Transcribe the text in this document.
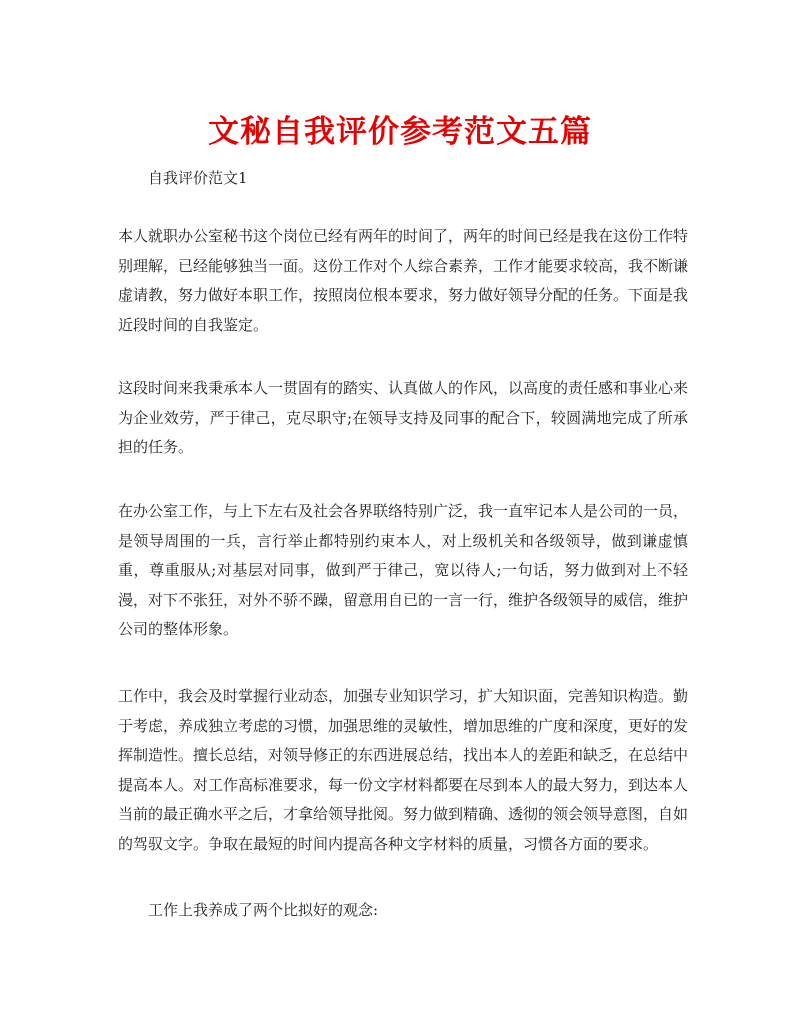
文秘自我评价参考范文五篇

自我评价范文1

本人就职办公室秘书这个岗位已经有两年的时间了，两年的时间已经是我在这份工作特别理解，已经能够独当一面。这份工作对个人综合素养，工作才能要求较高，我不断谦虚请教，努力做好本职工作，按照岗位根本要求，努力做好领导分配的任务。下面是我近段时间的自我鉴定。

这段时间来我秉承本人一贯固有的踏实、认真做人的作风，以高度的责任感和事业心来为企业效劳，严于律己，克尽职守;在领导支持及同事的配合下，较圆满地完成了所承担的任务。

在办公室工作，与上下左右及社会各界联络特别广泛，我一直牢记本人是公司的一员，是领导周围的一兵，言行举止都特别约束本人，对上级机关和各级领导，做到谦虚慎重，尊重服从;对基层对同事，做到严于律己，宽以待人;一句话，努力做到对上不轻漫，对下不张狂，对外不骄不躁，留意用自已的一言一行，维护各级领导的威信，维护公司的整体形象。

工作中，我会及时掌握行业动态，加强专业知识学习，扩大知识面，完善知识构造。勤于考虑，养成独立考虑的习惯，加强思维的灵敏性，增加思维的广度和深度，更好的发挥制造性。擅长总结，对领导修正的东西进展总结，找出本人的差距和缺乏，在总结中提高本人。对工作高标准要求，每一份文字材料都要在尽到本人的最大努力，到达本人当前的最正确水平之后，才拿给领导批阅。努力做到精确、透彻的领会领导意图，自如的驾驭文字。争取在最短的时间内提高各种文字材料的质量，习惯各方面的要求。

工作上我养成了两个比拟好的观念:
